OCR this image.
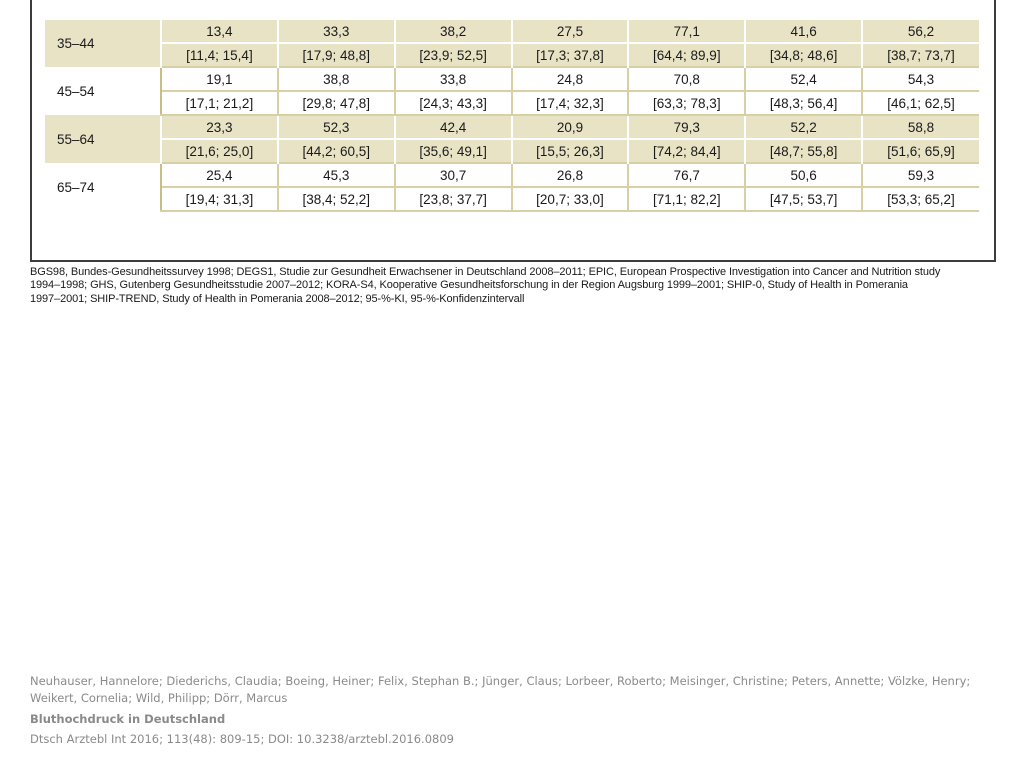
35–44	13,4	33,3	38,2	27,5	77,1	41,6	56,2
	[11,4; 15,4]	[17,9; 48,8]	[23,9; 52,5]	[17,3; 37,8]	[64,4; 89,9]	[34,8; 48,6]	[38,7; 73,7]
45–54	19,1	38,8	33,8	24,8	70,8	52,4	54,3
	[17,1; 21,2]	[29,8; 47,8]	[24,3; 43,3]	[17,4; 32,3]	[63,3; 78,3]	[48,3; 56,4]	[46,1; 62,5]
55–64	23,3	52,3	42,4	20,9	79,3	52,2	58,8
	[21,6; 25,0]	[44,2; 60,5]	[35,6; 49,1]	[15,5; 26,3]	[74,2; 84,4]	[48,7; 55,8]	[51,6; 65,9]
65–74	25,4	45,3	30,7	26,8	76,7	50,6	59,3
	[19,4; 31,3]	[38,4; 52,2]	[23,8; 37,7]	[20,7; 33,0]	[71,1; 82,2]	[47,5; 53,7]	[53,3; 65,2]
BGS98, Bundes-Gesundheitssurvey 1998; DEGS1, Studie zur Gesundheit Erwachsener in Deutschland 2008–2011; EPIC, European Prospective Investigation into Cancer and Nutrition study
1994–1998; GHS, Gutenberg Gesundheitsstudie 2007–2012; KORA-S4, Kooperative Gesundheitsforschung in der Region Augsburg 1999–2001; SHIP-0, Study of Health in Pomerania
1997–2001; SHIP-TREND, Study of Health in Pomerania 2008–2012; 95-%-KI, 95-%-Konfidenzintervall
Neuhauser, Hannelore; Diederichs, Claudia; Boeing, Heiner; Felix, Stephan B.; Jünger, Claus; Lorbeer, Roberto; Meisinger, Christine; Peters, Annette; Völzke, Henry;
Weikert, Cornelia; Wild, Philipp; Dörr, Marcus
Bluthochdruck in Deutschland
Dtsch Arztebl Int 2016; 113(48): 809-15; DOI: 10.3238/arztebl.2016.0809
